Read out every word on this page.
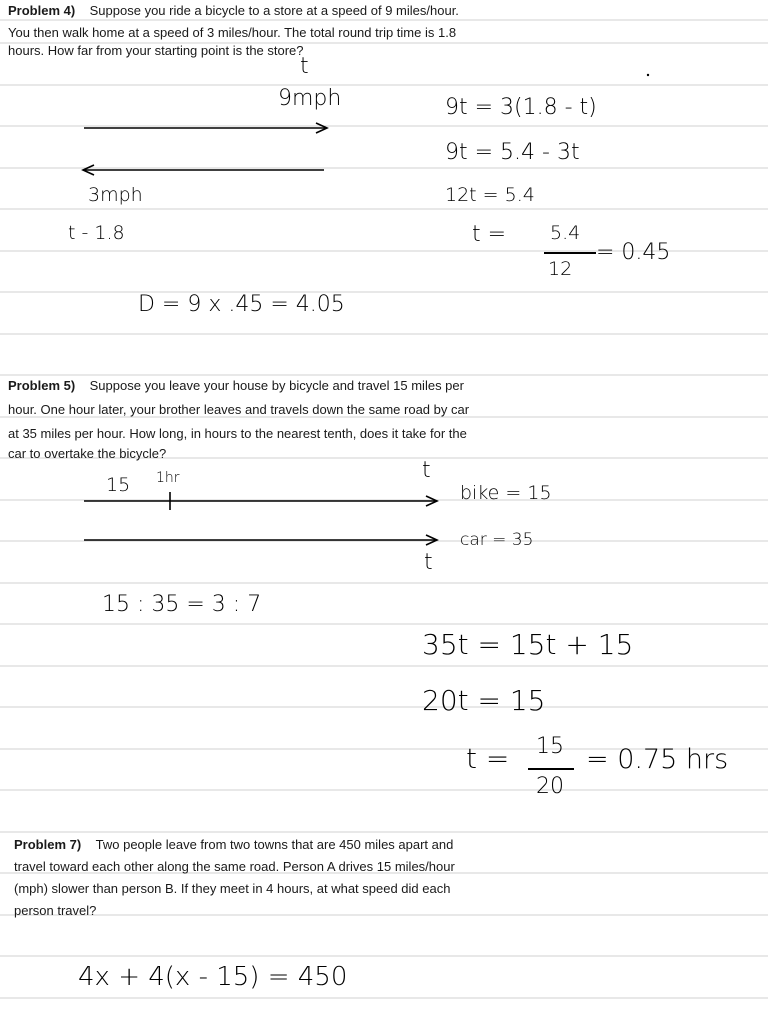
Problem 4) Suppose you ride a bicycle to a store at a speed of 9 miles/hour.
You then walk home at a speed of 3 miles/hour. The total round trip time is 1.8
hours. How far from your starting point is the store?
t
9mph
3mph
t - 1.8
9t = 3(1.8 - t)
9t = 5.4 - 3t
12t = 5.4
t = 5.4
12
= 0.45
D = 9 x .45 = 4.05
Problem 5) Suppose you leave your house by bicycle and travel 15 miles per
hour. One hour later, your brother leaves and travels down the same road by car
at 35 miles per hour. How long, in hours to the nearest tenth, does it take for the
car to overtake the bicycle?
15 1hr	t
t
bike = 15
car = 35
15 : 35 = 3 : 7
35t = 15t + 15
20t = 15
t = 15
20
= 0.75 hrs
Problem 7) Two people leave from two towns that are 450 miles apart and
travel toward each other along the same road. Person A drives 15 miles/hour
(mph) slower than person B. If they meet in 4 hours, at what speed did each
person travel?
4x + 4(x - 15) = 450
